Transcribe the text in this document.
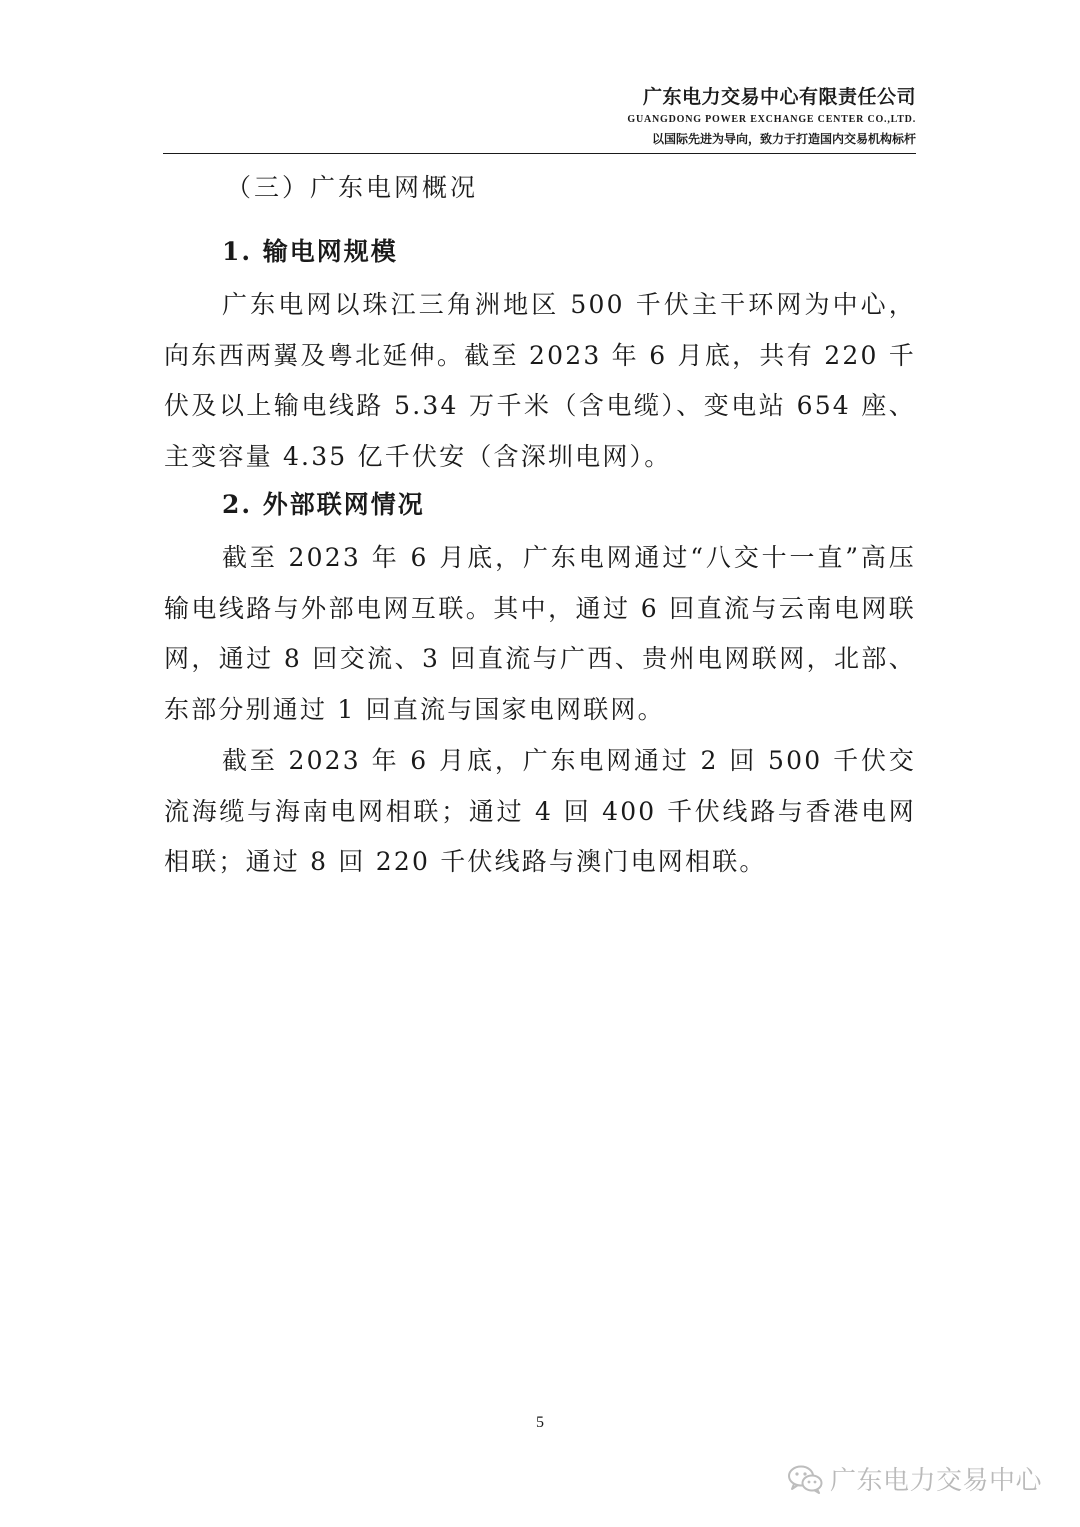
广东电力交易中心有限责任公司
GUANGDONG POWER EXCHANGE CENTER CO.,LTD.
以国际先进为导向，致力于打造国内交易机构标杆
（三）广东电网概况
1. 输电网规模

广东电网以珠江三角洲地区 500 千伏主干环网为中心，向东西两翼及粤北延伸。截至 2023 年 6 月底，共有 220 千伏及以上输电线路 5.34 万千米（含电缆）、变电站 654 座、主变容量 4.35 亿千伏安（含深圳电网）。

2. 外部联网情况

截至 2023 年 6 月底，广东电网通过“八交十一直”高压输电线路与外部电网互联。其中，通过 6 回直流与云南电网联网，通过 8 回交流、3 回直流与广西、贵州电网联网，北部、东部分别通过 1 回直流与国家电网联网。

截至 2023 年 6 月底，广东电网通过 2 回 500 千伏交流海缆与海南电网相联；通过 4 回 400 千伏线路与香港电网相联；通过 8 回 220 千伏线路与澳门电网相联。

5
广东电力交易中心
